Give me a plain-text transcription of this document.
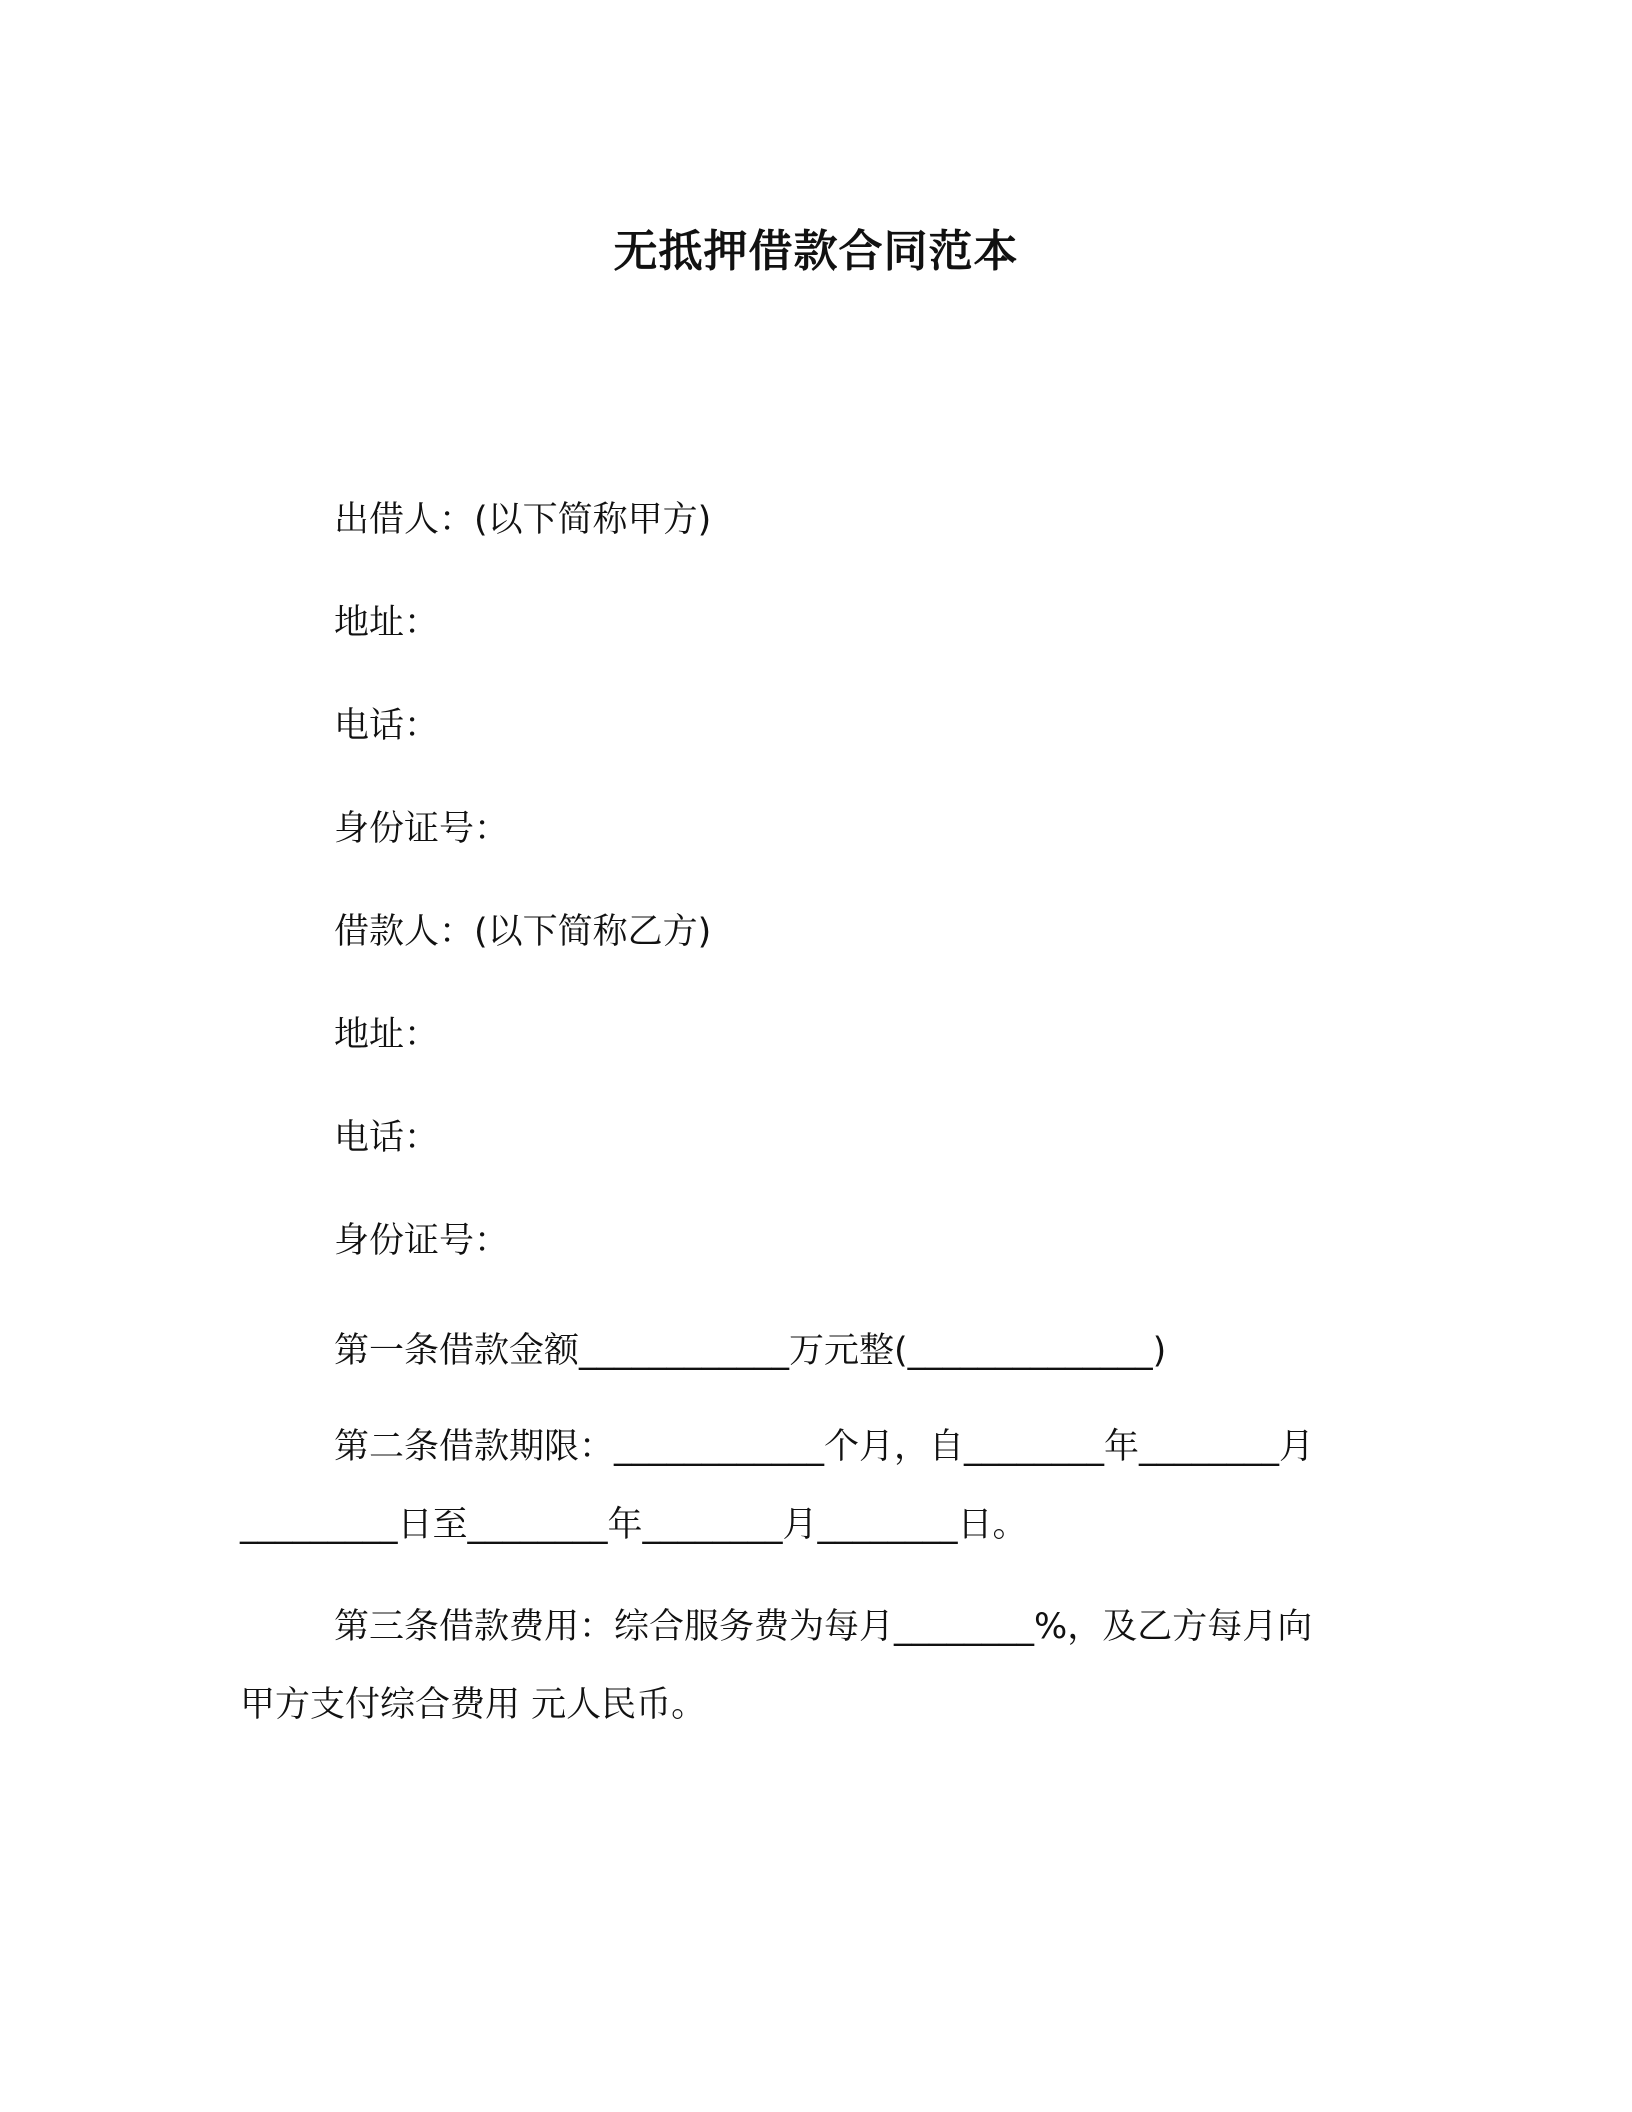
无抵押借款合同范本
出借人：(以下简称甲方)
地址：
电话：
身份证号：
借款人：(以下简称乙方)
地址：
电话：
身份证号：
第一条借款金额____________万元整(______________)
第二条借款期限：____________个月，自________年________月
_________日至________年________月________日。
第三条借款费用：综合服务费为每月________%，及乙方每月向
甲方支付综合费用 元人民币。
